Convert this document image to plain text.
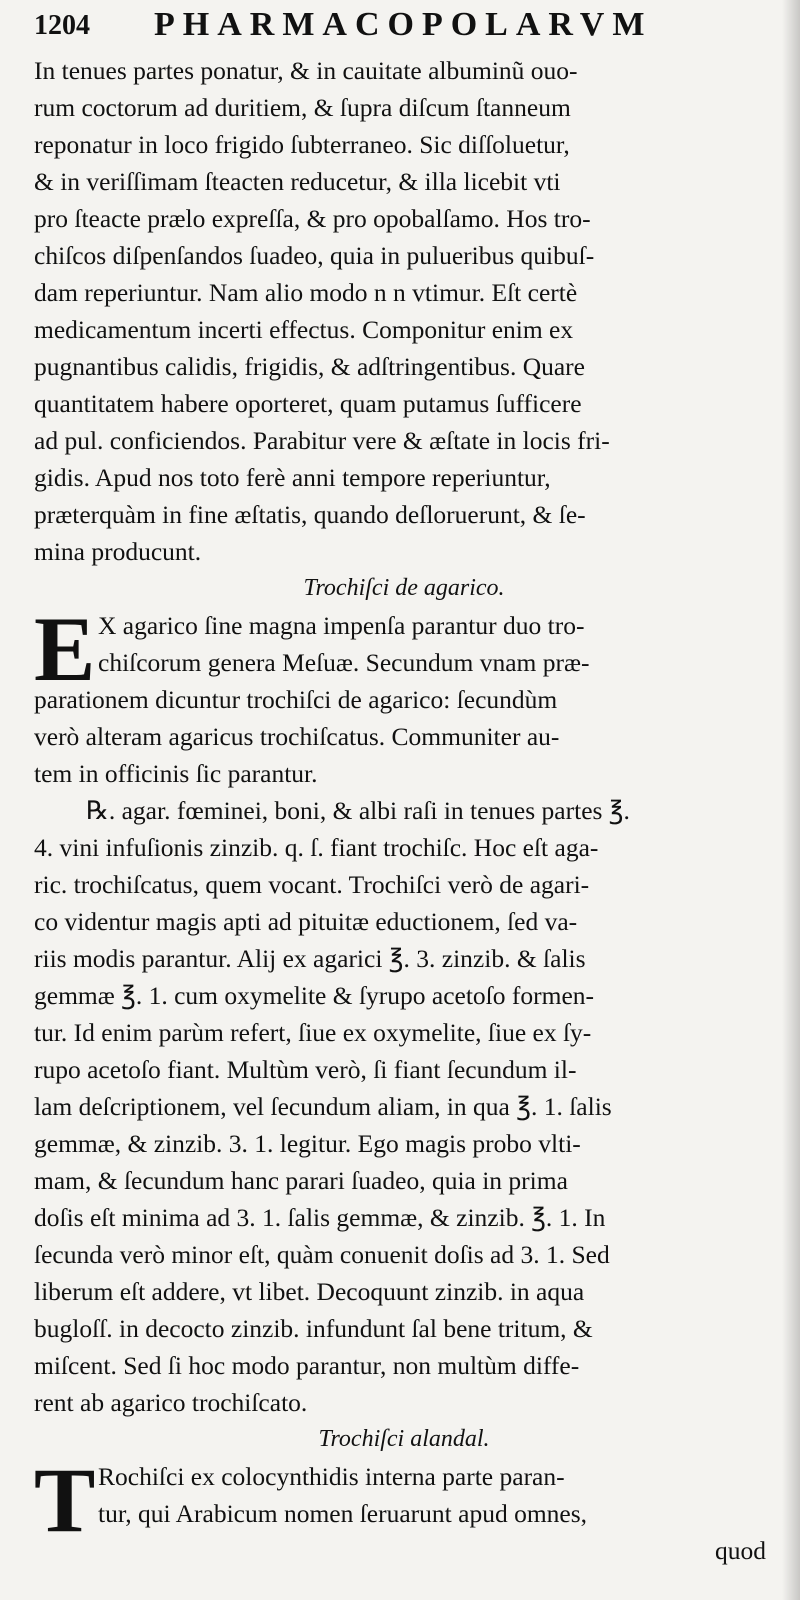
1204 PHARMACOPOLARVM
In tenues partes ponatur, & in cauitate albuminũ ouo-
rum coctorum ad duritiem, & ſupra diſcum ſtanneum
reponatur in loco frigido ſubterraneo. Sic diſſoluetur,
& in veriſſimam ſteacten reducetur, & illa licebit vti
pro ſteacte prælo expreſſa, & pro opobalſamo. Hos tro-
chiſcos diſpenſandos ſuadeo, quia in pulueribus quibuſ-
dam reperiuntur. Nam alio modo n n vtimur. Eſt certè
medicamentum incerti effectus. Componitur enim ex
pugnantibus calidis, frigidis, & adſtringentibus. Quare
quantitatem habere oporteret, quam putamus ſufficere
ad pul. conficiendos. Parabitur vere & æſtate in locis fri-
gidis. Apud nos toto ferè anni tempore reperiuntur,
præterquàm in fine æſtatis, quando deſloruerunt, & ſe-
mina producunt.
Trochiſci de agarico.
E X agarico ſine magna impenſa parantur duo tro-
chiſcorum genera Meſuæ. Secundum vnam præ-
parationem dicuntur trochiſci de agarico: ſecundùm
verò alteram agaricus trochiſcatus. Communiter au-
tem in officinis ſic parantur.
℞. agar. fœminei, boni, & albi raſi in tenues partes ℥.
4. vini infuſionis zinzib. q. ſ. fiant trochiſc. Hoc eſt aga-
ric. trochiſcatus, quem vocant. Trochiſci verò de agari-
co videntur magis apti ad pituitæ eductionem, ſed va-
riis modis parantur. Alij ex agarici ℥. 3. zinzib. & ſalis
gemmæ ℥. 1. cum oxymelite & ſyrupo acetoſo formen-
tur. Id enim parùm refert, ſiue ex oxymelite, ſiue ex ſy-
rupo acetoſo fiant. Multùm verò, ſi fiant ſecundum il-
lam deſcriptionem, vel ſecundum aliam, in qua ℥. 1. ſalis
gemmæ, & zinzib. 3. 1. legitur. Ego magis probo vlti-
mam, & ſecundum hanc parari ſuadeo, quia in prima
doſis eſt minima ad 3. 1. ſalis gemmæ, & zinzib. ℥. 1. In
ſecunda verò minor eſt, quàm conuenit doſis ad 3. 1. Sed
liberum eſt addere, vt libet. Decoquunt zinzib. in aqua
bugloſſ. in decocto zinzib. infundunt ſal bene tritum, &
miſcent. Sed ſi hoc modo parantur, non multùm diffe-
rent ab agarico trochiſcato.
Trochiſci alandal.
T Rochiſci ex colocynthidis interna parte paran-
tur, qui Arabicum nomen ſeruarunt apud omnes,
quod
